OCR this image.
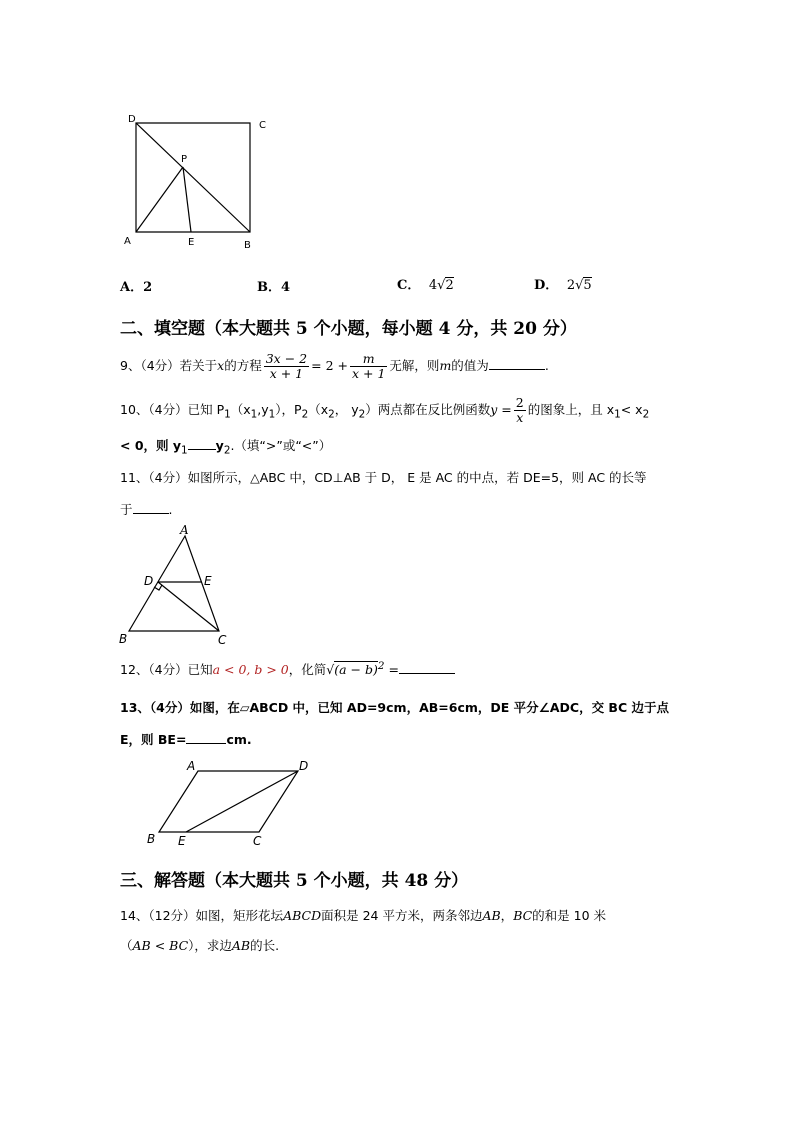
D
C
P
A	E	B
A．2	B．4	C． 4√2	D． 2√5
二、填空题（本大题共 5 个小题，每小题 4 分，共 20 分）
9、（4分）若关于x的方程 $\frac{3x - 2}{x + 1} = 2 + \frac{m}{x + 1}$ 无解，则m的值为	.
10、（4分）已知 $P_1(x_1,y_1)$，$P_2(x_2$， $y_2$）两点都在反比例函数$y = \frac{2}{x}$ 的图象上，且 $x_1< x_2$
< 0，则 $y_1$ $y_2$.（填“>”或“<”）
11、（4分）如图所示，△ABC 中，CD⊥AB 于 D， E 是 AC 的中点，若 DE=5，则 AC 的长等
于	.
A
D	E
B	C
12、（4分）已知a < 0, b > 0，化简$√(a - b)^2$ =
13、（4分）如图，在▱ABCD 中，已知 AD=9cm，AB=6cm，DE 平分∠ADC，交 BC 边于点
E，则 BE=	cm.
A	D
B E	C
三、解答题（本大题共 5 个小题，共 48 分）
14、（12分）如图，矩形花坛ABCD面积是 24 平方米，两条邻边AB，BC的和是 10 米
（AB < BC），求边AB的长.
